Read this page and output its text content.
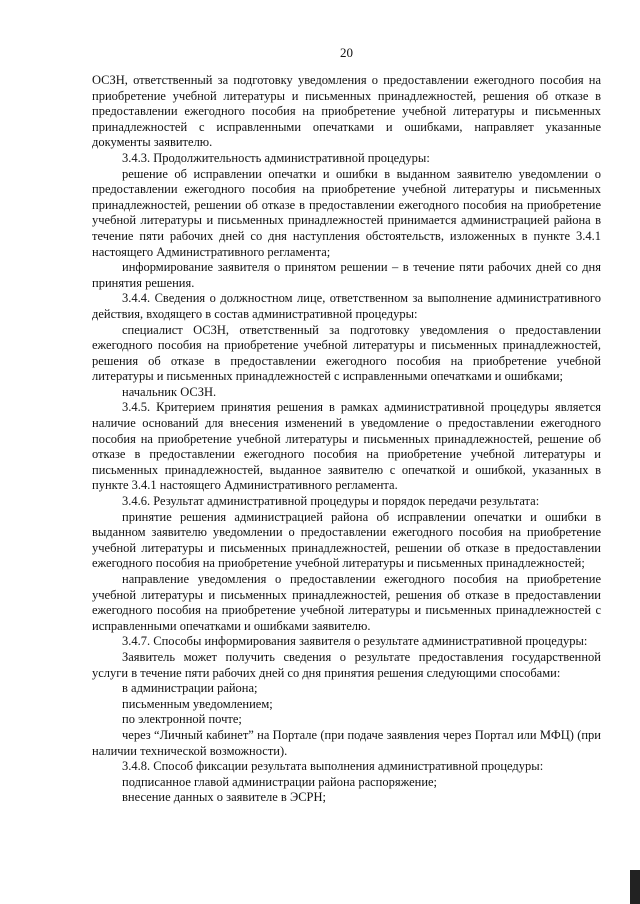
20

ОСЗН, ответственный за подготовку уведомления о предоставлении ежегодного пособия на приобретение учебной литературы и письменных принадлежностей, решения об отказе в предоставлении ежегодного пособия на приобретение учебной литературы и письменных принадлежностей с исправленными опечатками и ошибками, направляет указанные документы заявителю.

3.4.3. Продолжительность административной процедуры:

решение об исправлении опечатки и ошибки в выданном заявителю уведомлении о предоставлении ежегодного пособия на приобретение учебной литературы и письменных принадлежностей, решении об отказе в предоставлении ежегодного пособия на приобретение учебной литературы и письменных принадлежностей принимается администрацией района в течение пяти рабочих дней со дня наступления обстоятельств, изложенных в пункте 3.4.1 настоящего Административного регламента;

информирование заявителя о принятом решении – в течение пяти рабочих дней со дня принятия решения.

3.4.4. Сведения о должностном лице, ответственном за выполнение административного действия, входящего в состав административной процедуры:

специалист ОСЗН, ответственный за подготовку уведомления о предоставлении ежегодного пособия на приобретение учебной литературы и письменных принадлежностей, решения об отказе в предоставлении ежегодного пособия на приобретение учебной литературы и письменных принадлежностей с исправленными опечатками и ошибками;

начальник ОСЗН.

3.4.5. Критерием принятия решения в рамках административной процедуры является наличие оснований для внесения изменений в уведомление о предоставлении ежегодного пособия на приобретение учебной литературы и письменных принадлежностей, решение об отказе в предоставлении ежегодного пособия на приобретение учебной литературы и письменных принадлежностей, выданное заявителю с опечаткой и ошибкой, указанных в пункте 3.4.1 настоящего Административного регламента.

3.4.6. Результат административной процедуры и порядок передачи результата:

принятие решения администрацией района об исправлении опечатки и ошибки в выданном заявителю уведомлении о предоставлении ежегодного пособия на приобретение учебной литературы и письменных принадлежностей, решении об отказе в предоставлении ежегодного пособия на приобретение учебной литературы и письменных принадлежностей;

направление уведомления о предоставлении ежегодного пособия на приобретение учебной литературы и письменных принадлежностей, решения об отказе в предоставлении ежегодного пособия на приобретение учебной литературы и письменных принадлежностей с исправленными опечатками и ошибками заявителю.

3.4.7. Способы информирования заявителя о результате административной процедуры:

Заявитель может получить сведения о результате предоставления государственной услуги в течение пяти рабочих дней со дня принятия решения следующими способами:

в администрации района;

письменным уведомлением;

по электронной почте;

через “Личный кабинет” на Портале (при подаче заявления через Портал или МФЦ) (при наличии технической возможности).

3.4.8. Способ фиксации результата выполнения административной процедуры:

подписанное главой администрации района распоряжение;

внесение данных о заявителе в ЭСРН;
